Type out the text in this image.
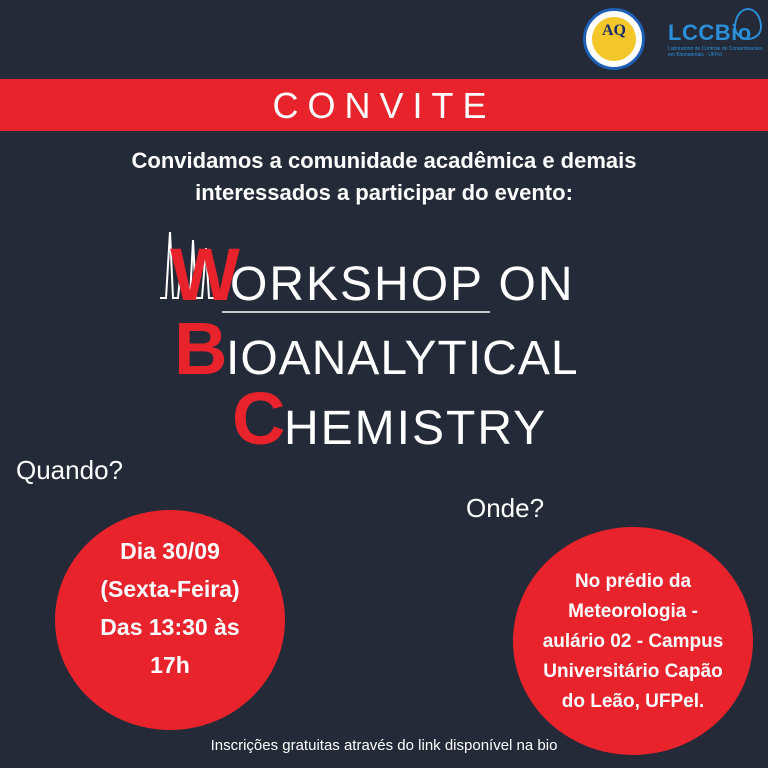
AQ	LCCBio
Laboratório de Controle de Contaminantes em Biomateriais - UFPel
CONVITE
Convidamos a comunidade acadêmica e demais
interessados a participar do evento:
W
ORKSHOP ON
B
IOANALYTICAL
C
HEMISTRY
Quando?
Dia 30/09
(Sexta-Feira)
Das 13:30 às
17h
Onde?
No prédio da
Meteorologia -
aulário 02 - Campus
Universitário Capão
do Leão, UFPel.
Inscrições gratuitas através do link disponível na bio
